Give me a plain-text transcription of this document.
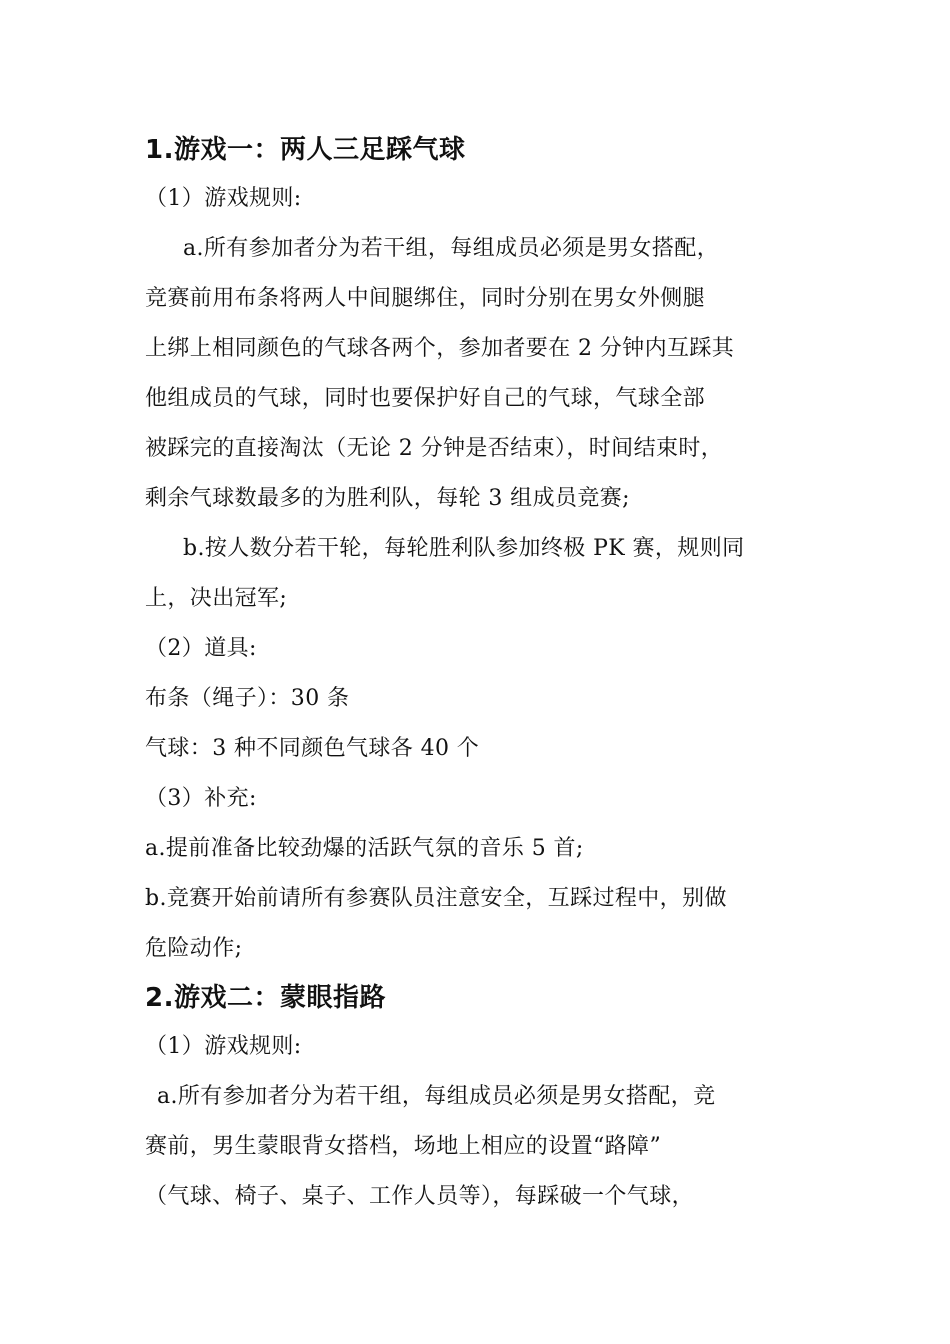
1.游戏一：两人三足踩气球
（1）游戏规则:
a.所有参加者分为若干组，每组成员必须是男女搭配，
竞赛前用布条将两人中间腿绑住，同时分别在男女外侧腿
上绑上相同颜色的气球各两个，参加者要在 2 分钟内互踩其
他组成员的气球，同时也要保护好自己的气球，气球全部
被踩完的直接淘汰（无论 2 分钟是否结束），时间结束时，
剩余气球数最多的为胜利队，每轮 3 组成员竞赛;
b.按人数分若干轮，每轮胜利队参加终极 PK 赛，规则同
上，决出冠军;
（2）道具:
布条（绳子）：30 条
气球：3 种不同颜色气球各 40 个
（3）补充:
a.提前准备比较劲爆的活跃气氛的音乐 5 首;
b.竞赛开始前请所有参赛队员注意安全，互踩过程中，别做
危险动作;
2.游戏二：蒙眼指路
（1）游戏规则:
a.所有参加者分为若干组，每组成员必须是男女搭配，竞
赛前，男生蒙眼背女搭档，场地上相应的设置“路障”
（气球、椅子、桌子、工作人员等），每踩破一个气球，
